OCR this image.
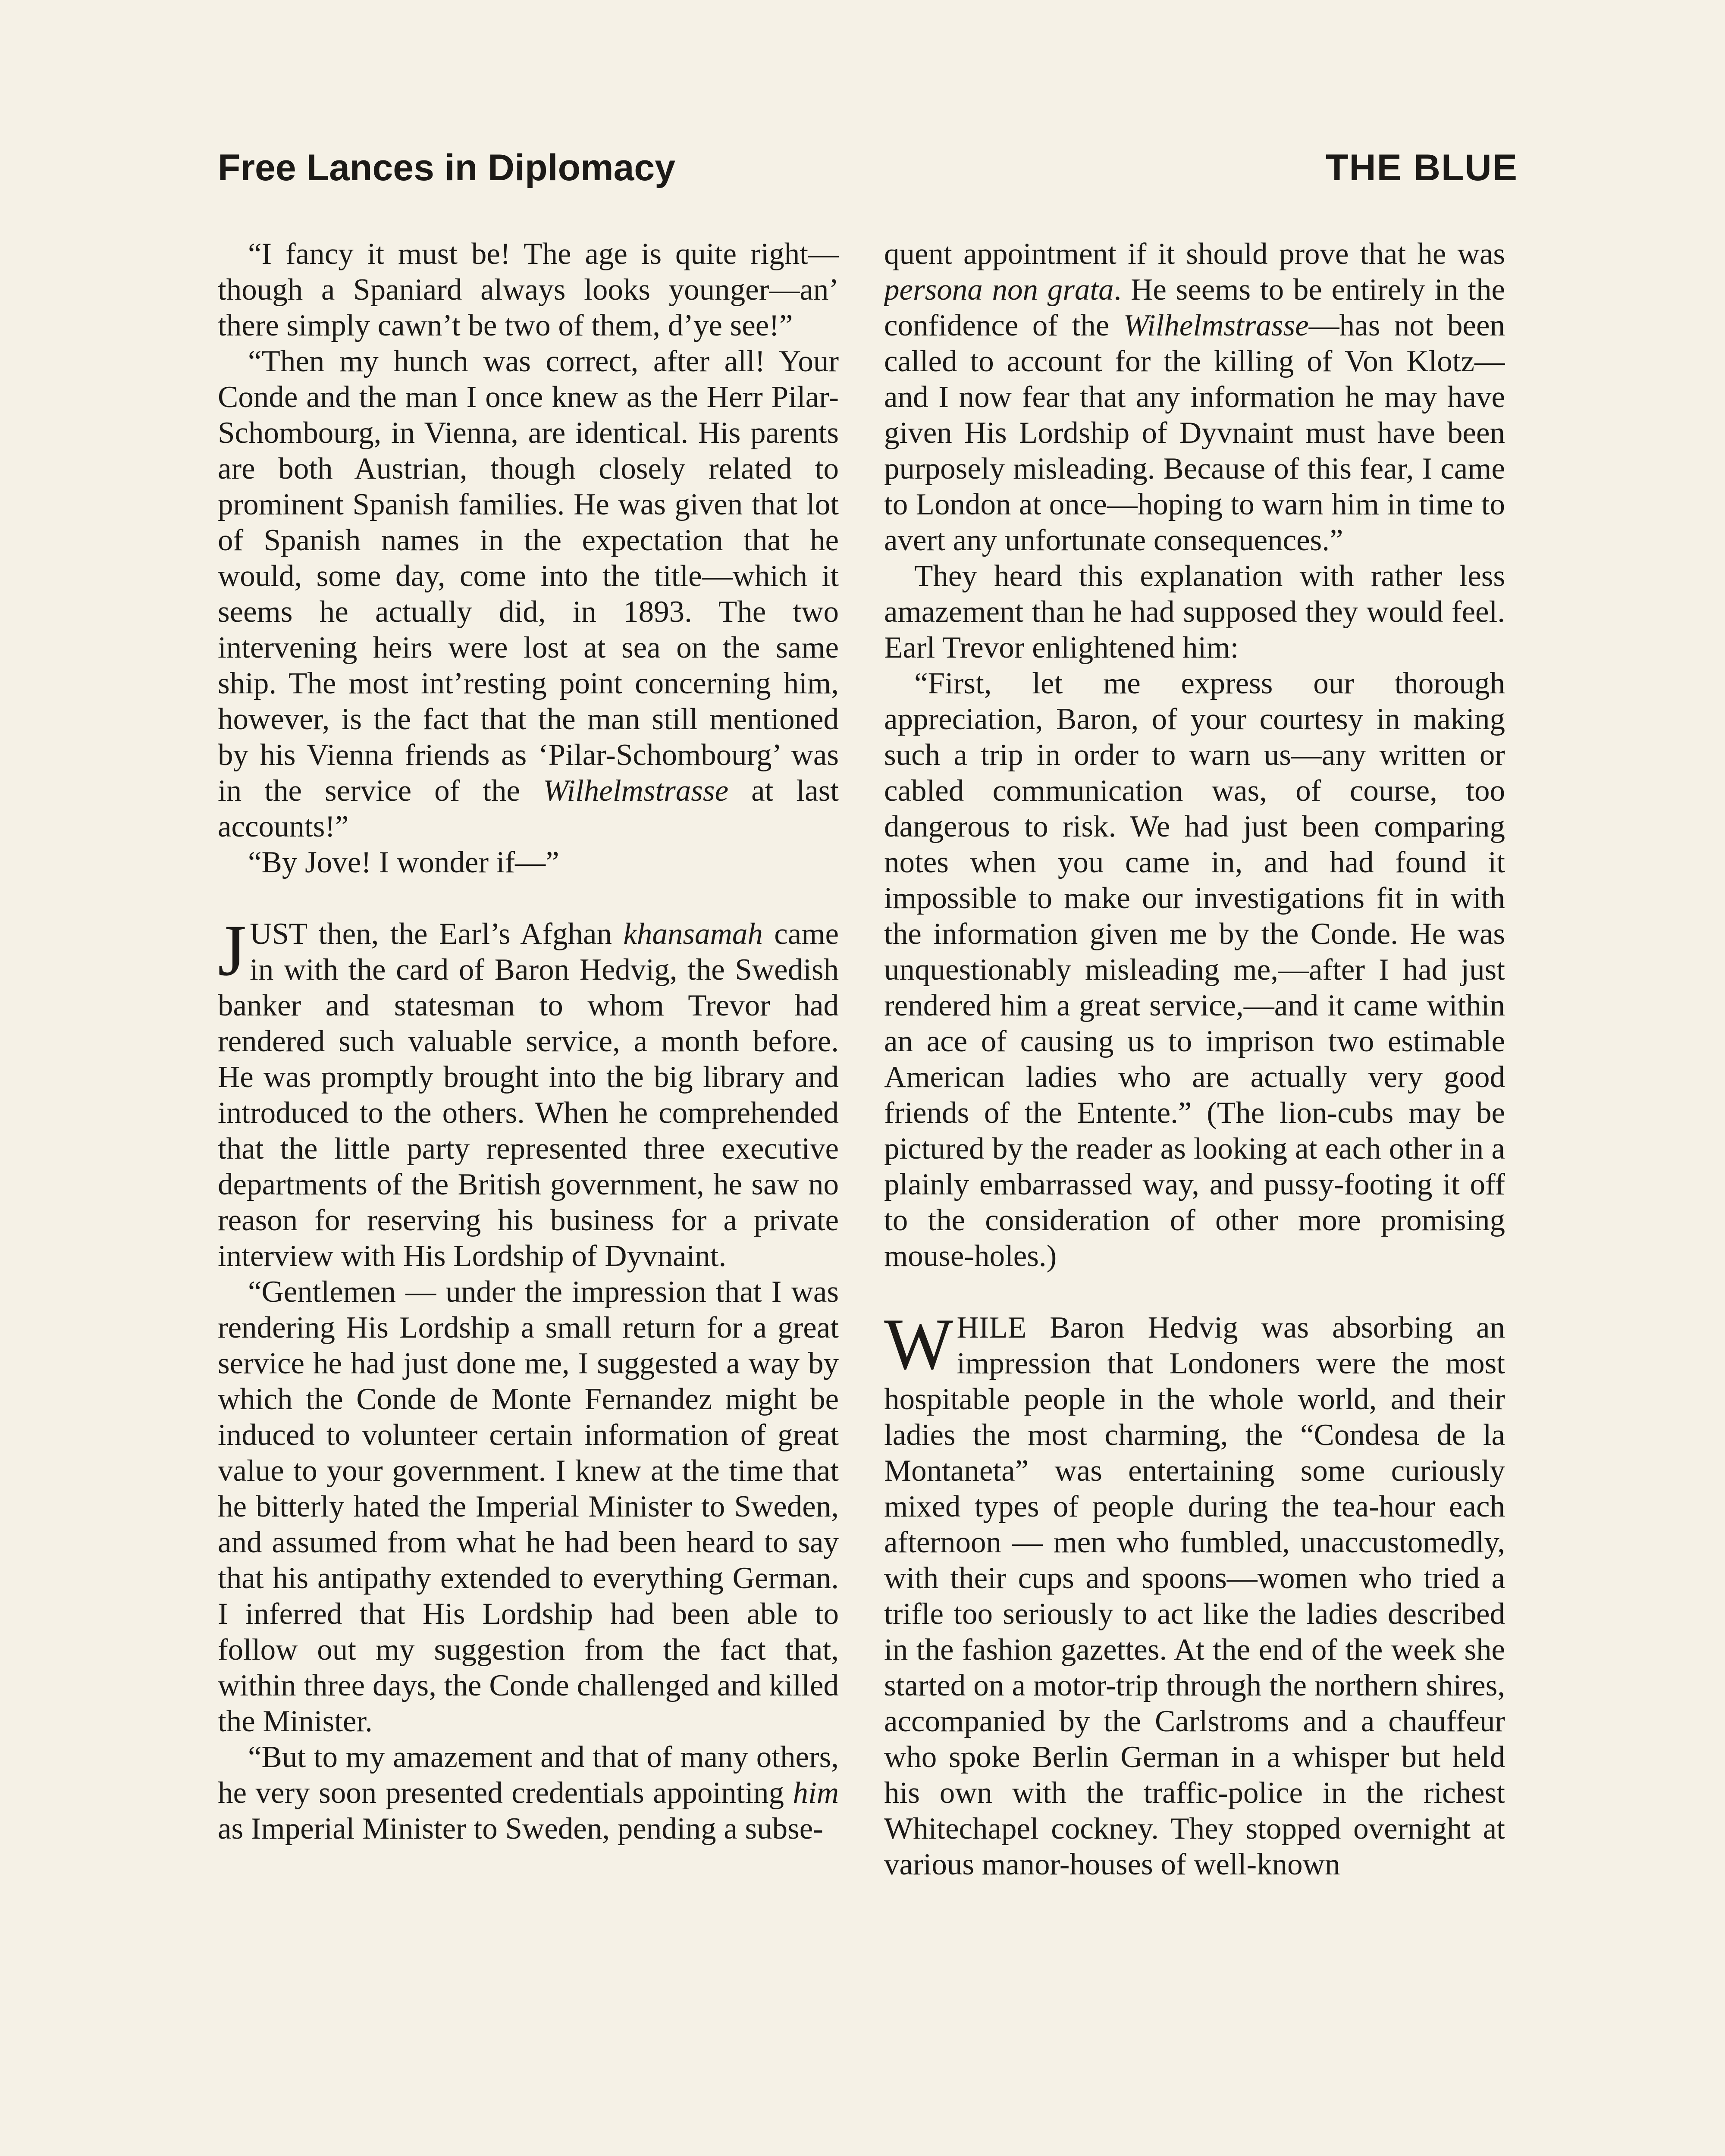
Free Lances in Diplomacy	THE BLUE

“I fancy it must be! The age is quite right—though a Spaniard always looks younger—an’ there simply cawn’t be two of them, d’ye see!”

“Then my hunch was correct, after all! Your Conde and the man I once knew as the Herr Pilar-Schombourg, in Vienna, are identical. His parents are both Austrian, though closely related to prominent Spanish families. He was given that lot of Spanish names in the expectation that he would, some day, come into the title—which it seems he actually did, in 1893. The two intervening heirs were lost at sea on the same ship. The most int’resting point concerning him, however, is the fact that the man still mentioned by his Vienna friends as ‘Pilar-Schombourg’ was in the service of the Wilhelmstrasse at last accounts!”

“By Jove! I wonder if—”

JUST then, the Earl’s Afghan khansamah came in with the card of Baron Hedvig, the Swedish banker and statesman to whom Trevor had rendered such valuable service, a month before. He was promptly brought into the big library and introduced to the others. When he comprehended that the little party represented three executive departments of the British government, he saw no reason for reserving his business for a private interview with His Lordship of Dyvnaint.

“Gentlemen — under the impression that I was rendering His Lordship a small return for a great service he had just done me, I suggested a way by which the Conde de Monte Fernandez might be induced to volunteer certain information of great value to your government. I knew at the time that he bitterly hated the Imperial Minister to Sweden, and assumed from what he had been heard to say that his antipathy extended to everything German. I inferred that His Lordship had been able to follow out my suggestion from the fact that, within three days, the Conde challenged and killed the Minister.

“But to my amazement and that of many others, he very soon presented credentials appointing him as Imperial Minister to Sweden, pending a subse-

quent appointment if it should prove that he was persona non grata. He seems to be entirely in the confidence of the Wilhelmstrasse—has not been called to account for the killing of Von Klotz—and I now fear that any information he may have given His Lordship of Dyvnaint must have been purposely misleading. Because of this fear, I came to London at once—hoping to warn him in time to avert any unfortunate consequences.”

They heard this explanation with rather less amazement than he had supposed they would feel. Earl Trevor enlightened him:

“First, let me express our thorough appreciation, Baron, of your courtesy in making such a trip in order to warn us—any written or cabled communication was, of course, too dangerous to risk. We had just been comparing notes when you came in, and had found it impossible to make our investigations fit in with the information given me by the Conde. He was unquestionably misleading me,—after I had just rendered him a great service,—and it came within an ace of causing us to imprison two estimable American ladies who are actually very good friends of the Entente.” (The lion-cubs may be pictured by the reader as looking at each other in a plainly embarrassed way, and pussy-footing it off to the consideration of other more promising mouse-holes.)

WHILE Baron Hedvig was absorbing an impression that Londoners were the most hospitable people in the whole world, and their ladies the most charming, the “Condesa de la Montaneta” was entertaining some curiously mixed types of people during the tea-hour each afternoon — men who fumbled, unaccustomedly, with their cups and spoons—women who tried a trifle too seriously to act like the ladies described in the fashion gazettes. At the end of the week she started on a motor-trip through the northern shires, accompanied by the Carlstroms and a chauffeur who spoke Berlin German in a whisper but held his own with the traffic-police in the richest Whitechapel cockney. They stopped overnight at various manor-houses of well-known
